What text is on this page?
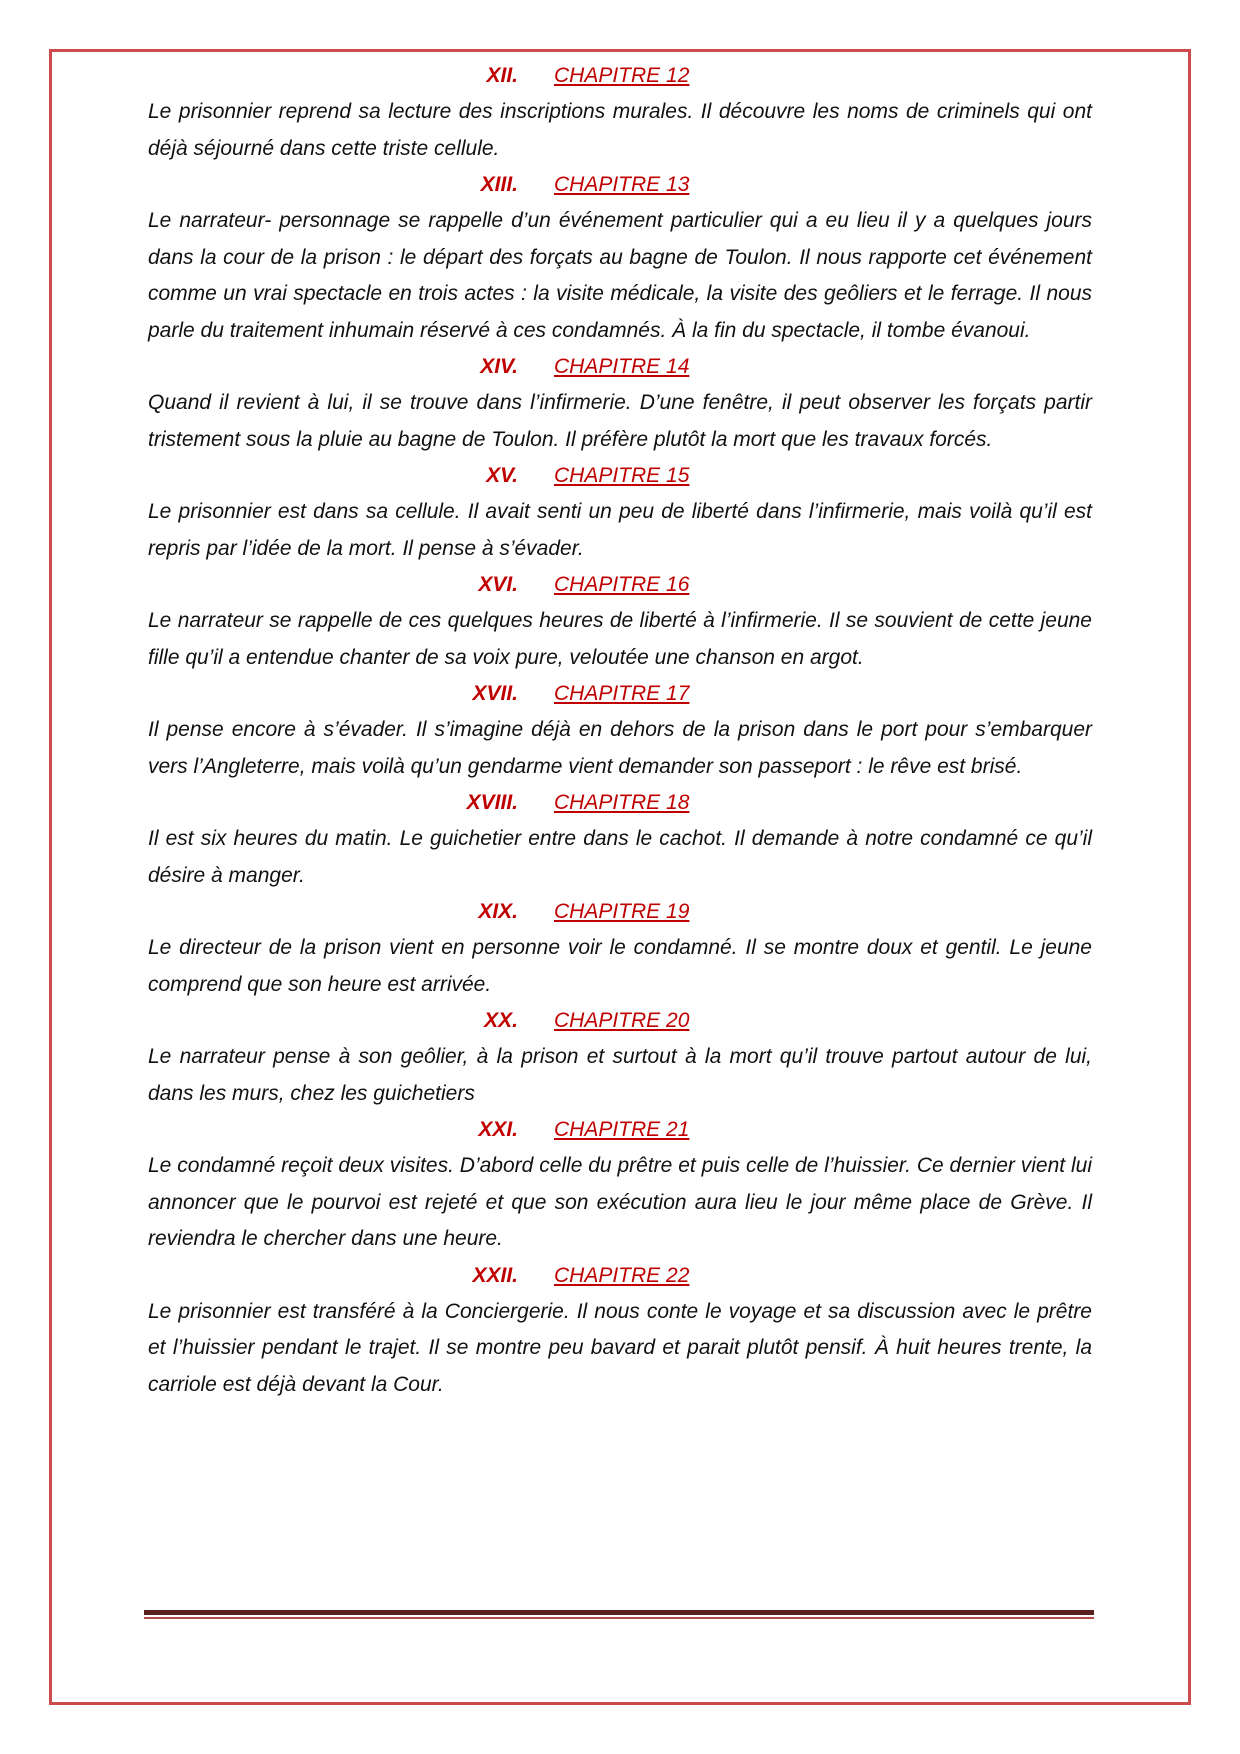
XII. CHAPITRE 12

Le prisonnier reprend sa lecture des inscriptions murales. Il découvre les noms de criminels qui ont déjà séjourné dans cette triste cellule.

XIII. CHAPITRE 13

Le narrateur- personnage se rappelle d’un événement particulier qui a eu lieu il y a quelques jours dans la cour de la prison : le départ des forçats au bagne de Toulon. Il nous rapporte cet événement comme un vrai spectacle en trois actes : la visite médicale, la visite des geôliers et le ferrage. Il nous parle du traitement inhumain réservé à ces condamnés. À la fin du spectacle, il tombe évanoui.

XIV. CHAPITRE 14

Quand il revient à lui, il se trouve dans l’infirmerie. D’une fenêtre, il peut observer les forçats partir tristement sous la pluie au bagne de Toulon. Il préfère plutôt la mort que les travaux forcés.

XV. CHAPITRE 15

Le prisonnier est dans sa cellule. Il avait senti un peu de liberté dans l’infirmerie, mais voilà qu’il est repris par l’idée de la mort. Il pense à s’évader.

XVI. CHAPITRE 16

Le narrateur se rappelle de ces quelques heures de liberté à l’infirmerie. Il se souvient de cette jeune fille qu’il a entendue chanter de sa voix pure, veloutée une chanson en argot.

XVII. CHAPITRE 17

Il pense encore à s’évader. Il s’imagine déjà en dehors de la prison dans le port pour s’embarquer vers l’Angleterre, mais voilà qu’un gendarme vient demander son passeport : le rêve est brisé.

XVIII. CHAPITRE 18

Il est six heures du matin. Le guichetier entre dans le cachot. Il demande à notre condamné ce qu’il désire à manger.

XIX. CHAPITRE 19

Le directeur de la prison vient en personne voir le condamné. Il se montre doux et gentil. Le jeune comprend que son heure est arrivée.

XX. CHAPITRE 20

Le narrateur pense à son geôlier, à la prison et surtout à la mort qu’il trouve partout autour de lui, dans les murs, chez les guichetiers

XXI. CHAPITRE 21

Le condamné reçoit deux visites. D’abord celle du prêtre et puis celle de l’huissier. Ce dernier vient lui annoncer que le pourvoi est rejeté et que son exécution aura lieu le jour même place de Grève. Il reviendra le chercher dans une heure.

XXII. CHAPITRE 22

Le prisonnier est transféré à la Conciergerie. Il nous conte le voyage et sa discussion avec le prêtre et l’huissier pendant le trajet. Il se montre peu bavard et parait plutôt pensif. À huit heures trente, la carriole est déjà devant la Cour.
